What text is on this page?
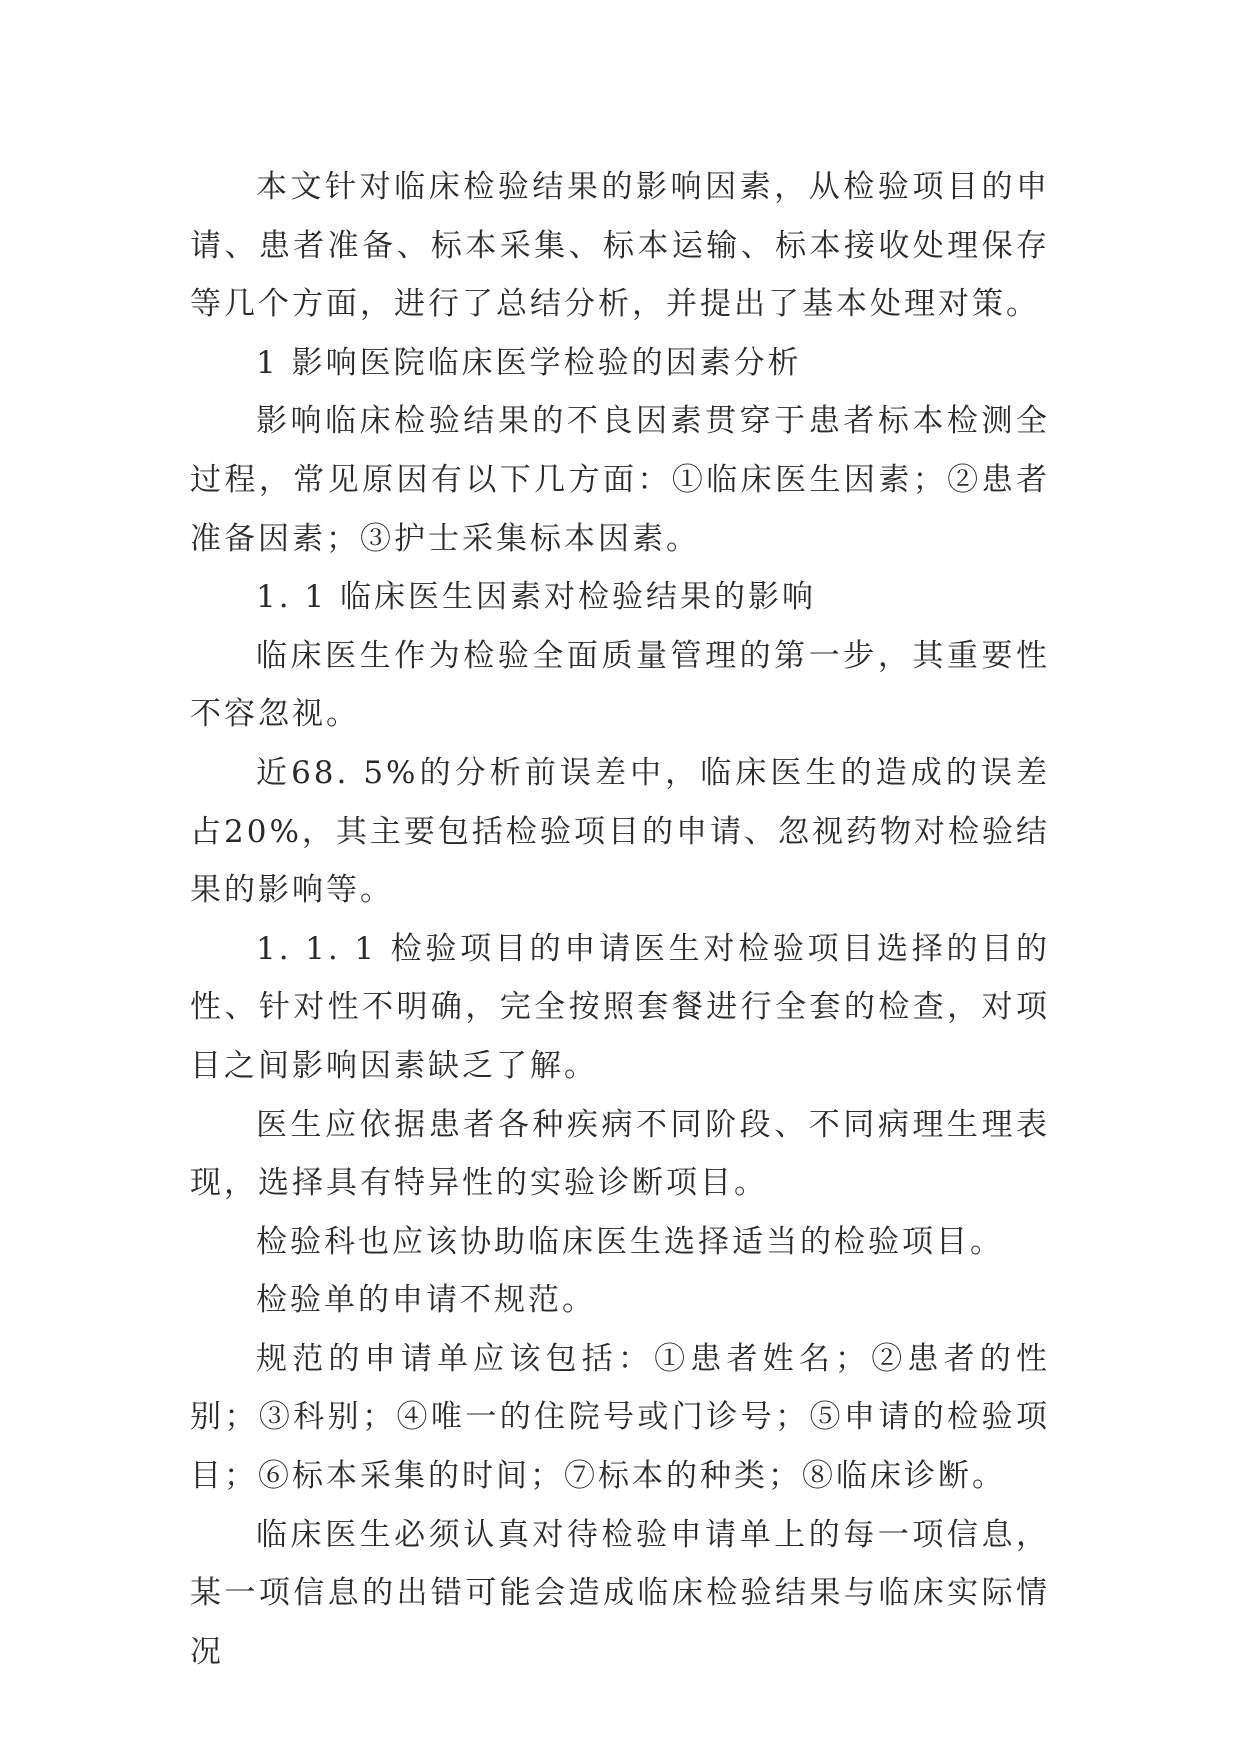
本文针对临床检验结果的影响因素，从检验项目的申请、患者准备、标本采集、标本运输、标本接收处理保存等几个方面，进行了总结分析，并提出了基本处理对策。

1 影响医院临床医学检验的因素分析

影响临床检验结果的不良因素贯穿于患者标本检测全过程，常见原因有以下几方面：①临床医生因素；②患者准备因素；③护士采集标本因素。

1. 1 临床医生因素对检验结果的影响

临床医生作为检验全面质量管理的第一步，其重要性不容忽视。

近68. 5%的分析前误差中，临床医生的造成的误差占20%，其主要包括检验项目的申请、忽视药物对检验结果的影响等。

1. 1. 1 检验项目的申请医生对检验项目选择的目的性、针对性不明确，完全按照套餐进行全套的检查，对项目之间影响因素缺乏了解。

医生应依据患者各种疾病不同阶段、不同病理生理表现，选择具有特异性的实验诊断项目。

检验科也应该协助临床医生选择适当的检验项目。

检验单的申请不规范。

规范的申请单应该包括：①患者姓名；②患者的性别；③科别；④唯一的住院号或门诊号；⑤申请的检验项目；⑥标本采集的时间；⑦标本的种类；⑧临床诊断。

临床医生必须认真对待检验申请单上的每一项信息，某一项信息的出错可能会造成临床检验结果与临床实际情况
